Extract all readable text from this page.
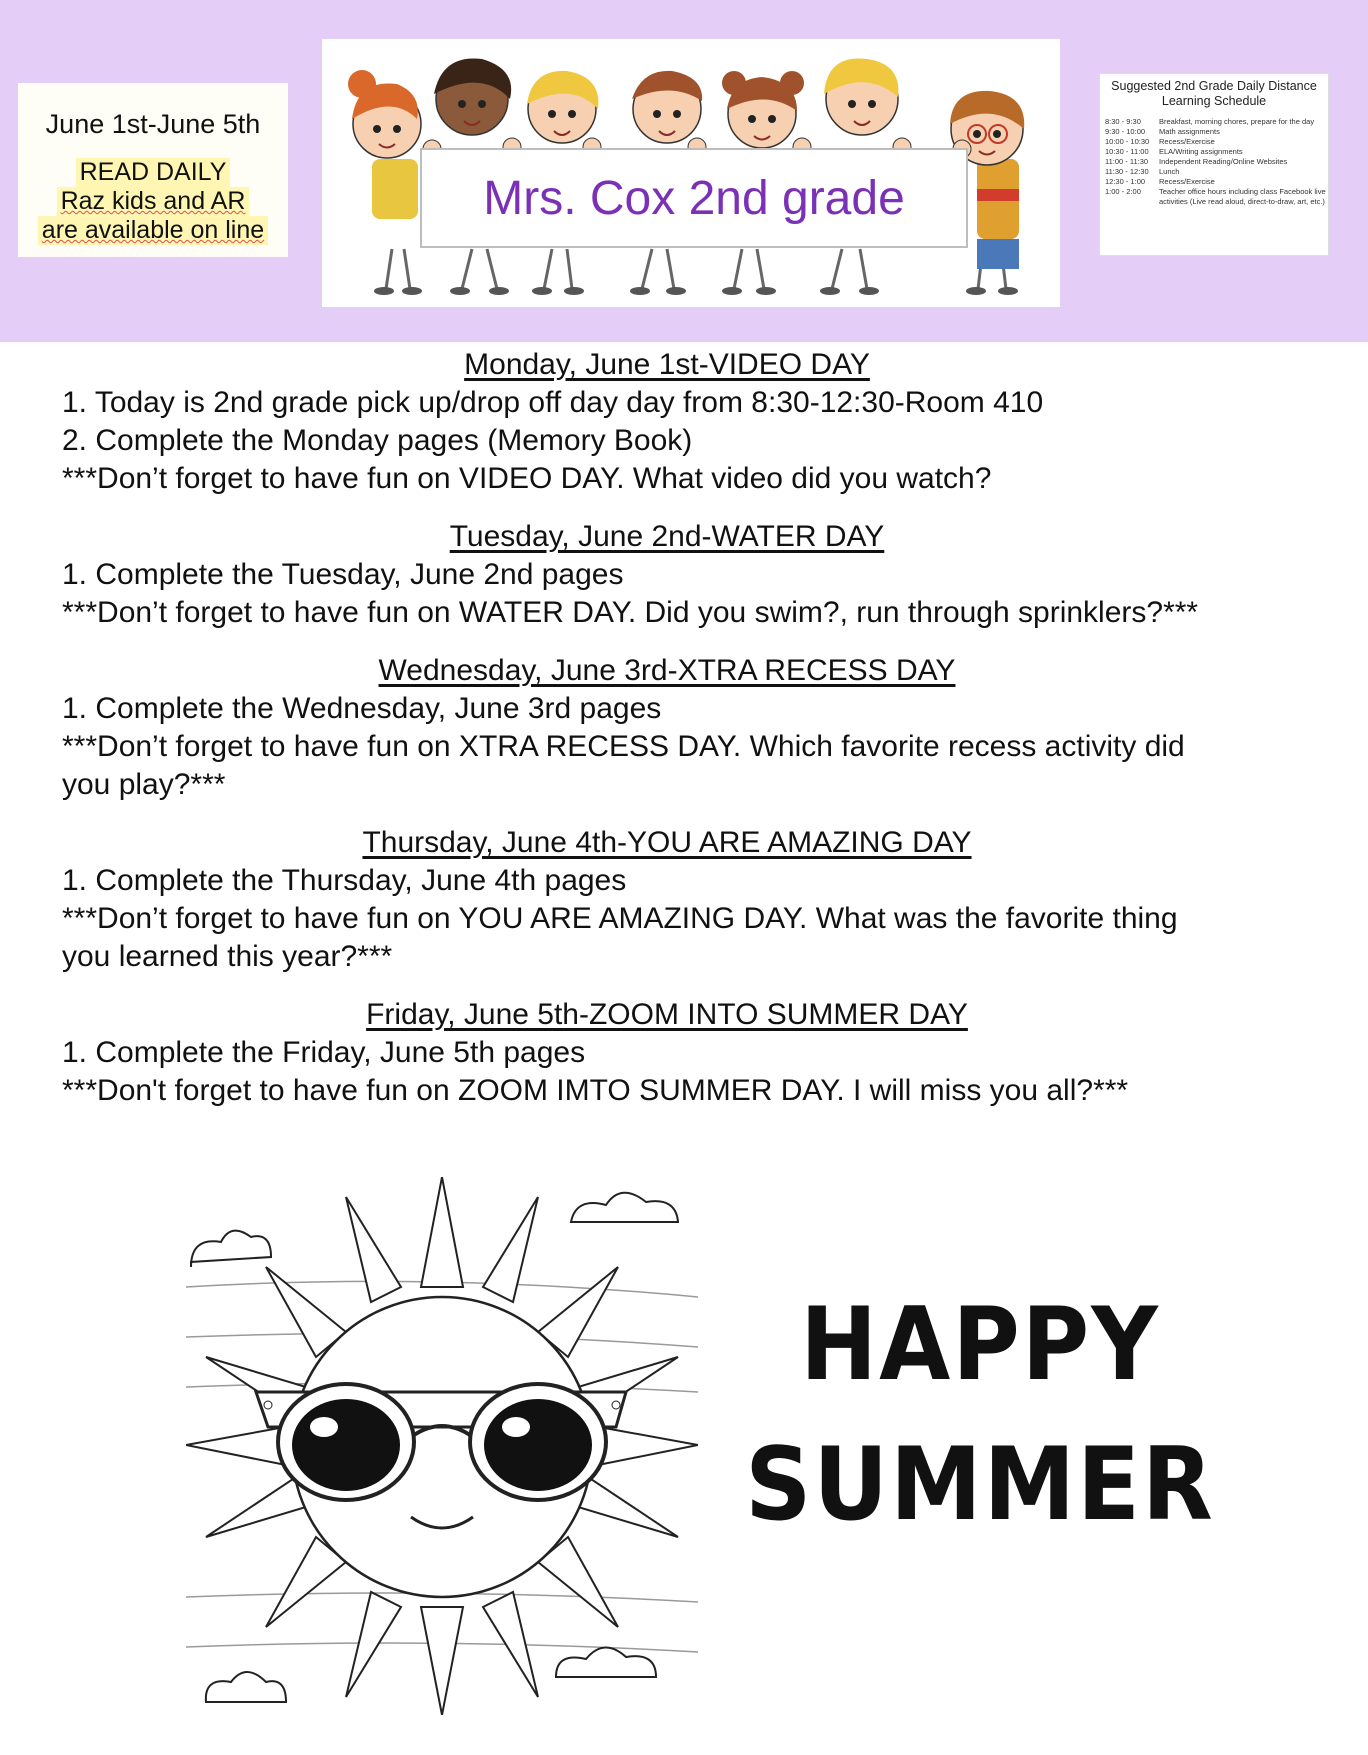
June 1st-June 5th
READ DAILY
Raz kids and AR
are available on line
Mrs. Cox 2nd grade
Suggested 2nd Grade Daily Distance
Learning Schedule
8:30 - 9:30	Breakfast, morning chores, prepare for the day
9:30 - 10:00	Math assignments
10:00 - 10:30	Recess/Exercise
10:30 - 11:00	ELA/Writing assignments
11:00 - 11:30	Independent Reading/Online Websites
11:30 - 12:30	Lunch
12:30 - 1:00	Recess/Exercise
1:00 - 2:00	Teacher office hours including class Facebook live activities (Live read aloud, direct-to-draw, art, etc.)
Monday, June 1st-VIDEO DAY

1. Today is 2nd grade pick up/drop off day day from 8:30-12:30-Room 410

2. Complete the Monday pages (Memory Book)

***Don’t forget to have fun on VIDEO DAY. What video did you watch?

Tuesday, June 2nd-WATER DAY

1. Complete the Tuesday, June 2nd pages

***Don’t forget to have fun on WATER DAY. Did you swim?, run through sprinklers?***

Wednesday, June 3rd-XTRA RECESS DAY

1. Complete the Wednesday, June 3rd pages

***Don’t forget to have fun on XTRA RECESS DAY. Which favorite recess activity did

you play?***

Thursday, June 4th-YOU ARE AMAZING DAY

1. Complete the Thursday, June 4th pages

***Don’t forget to have fun on YOU ARE AMAZING DAY. What was the favorite thing

you learned this year?***

Friday, June 5th-ZOOM INTO SUMMER DAY

1. Complete the Friday, June 5th pages

***Don't forget to have fun on ZOOM IMTO SUMMER DAY. I will miss you all?***

HAPPY
SUMMER
